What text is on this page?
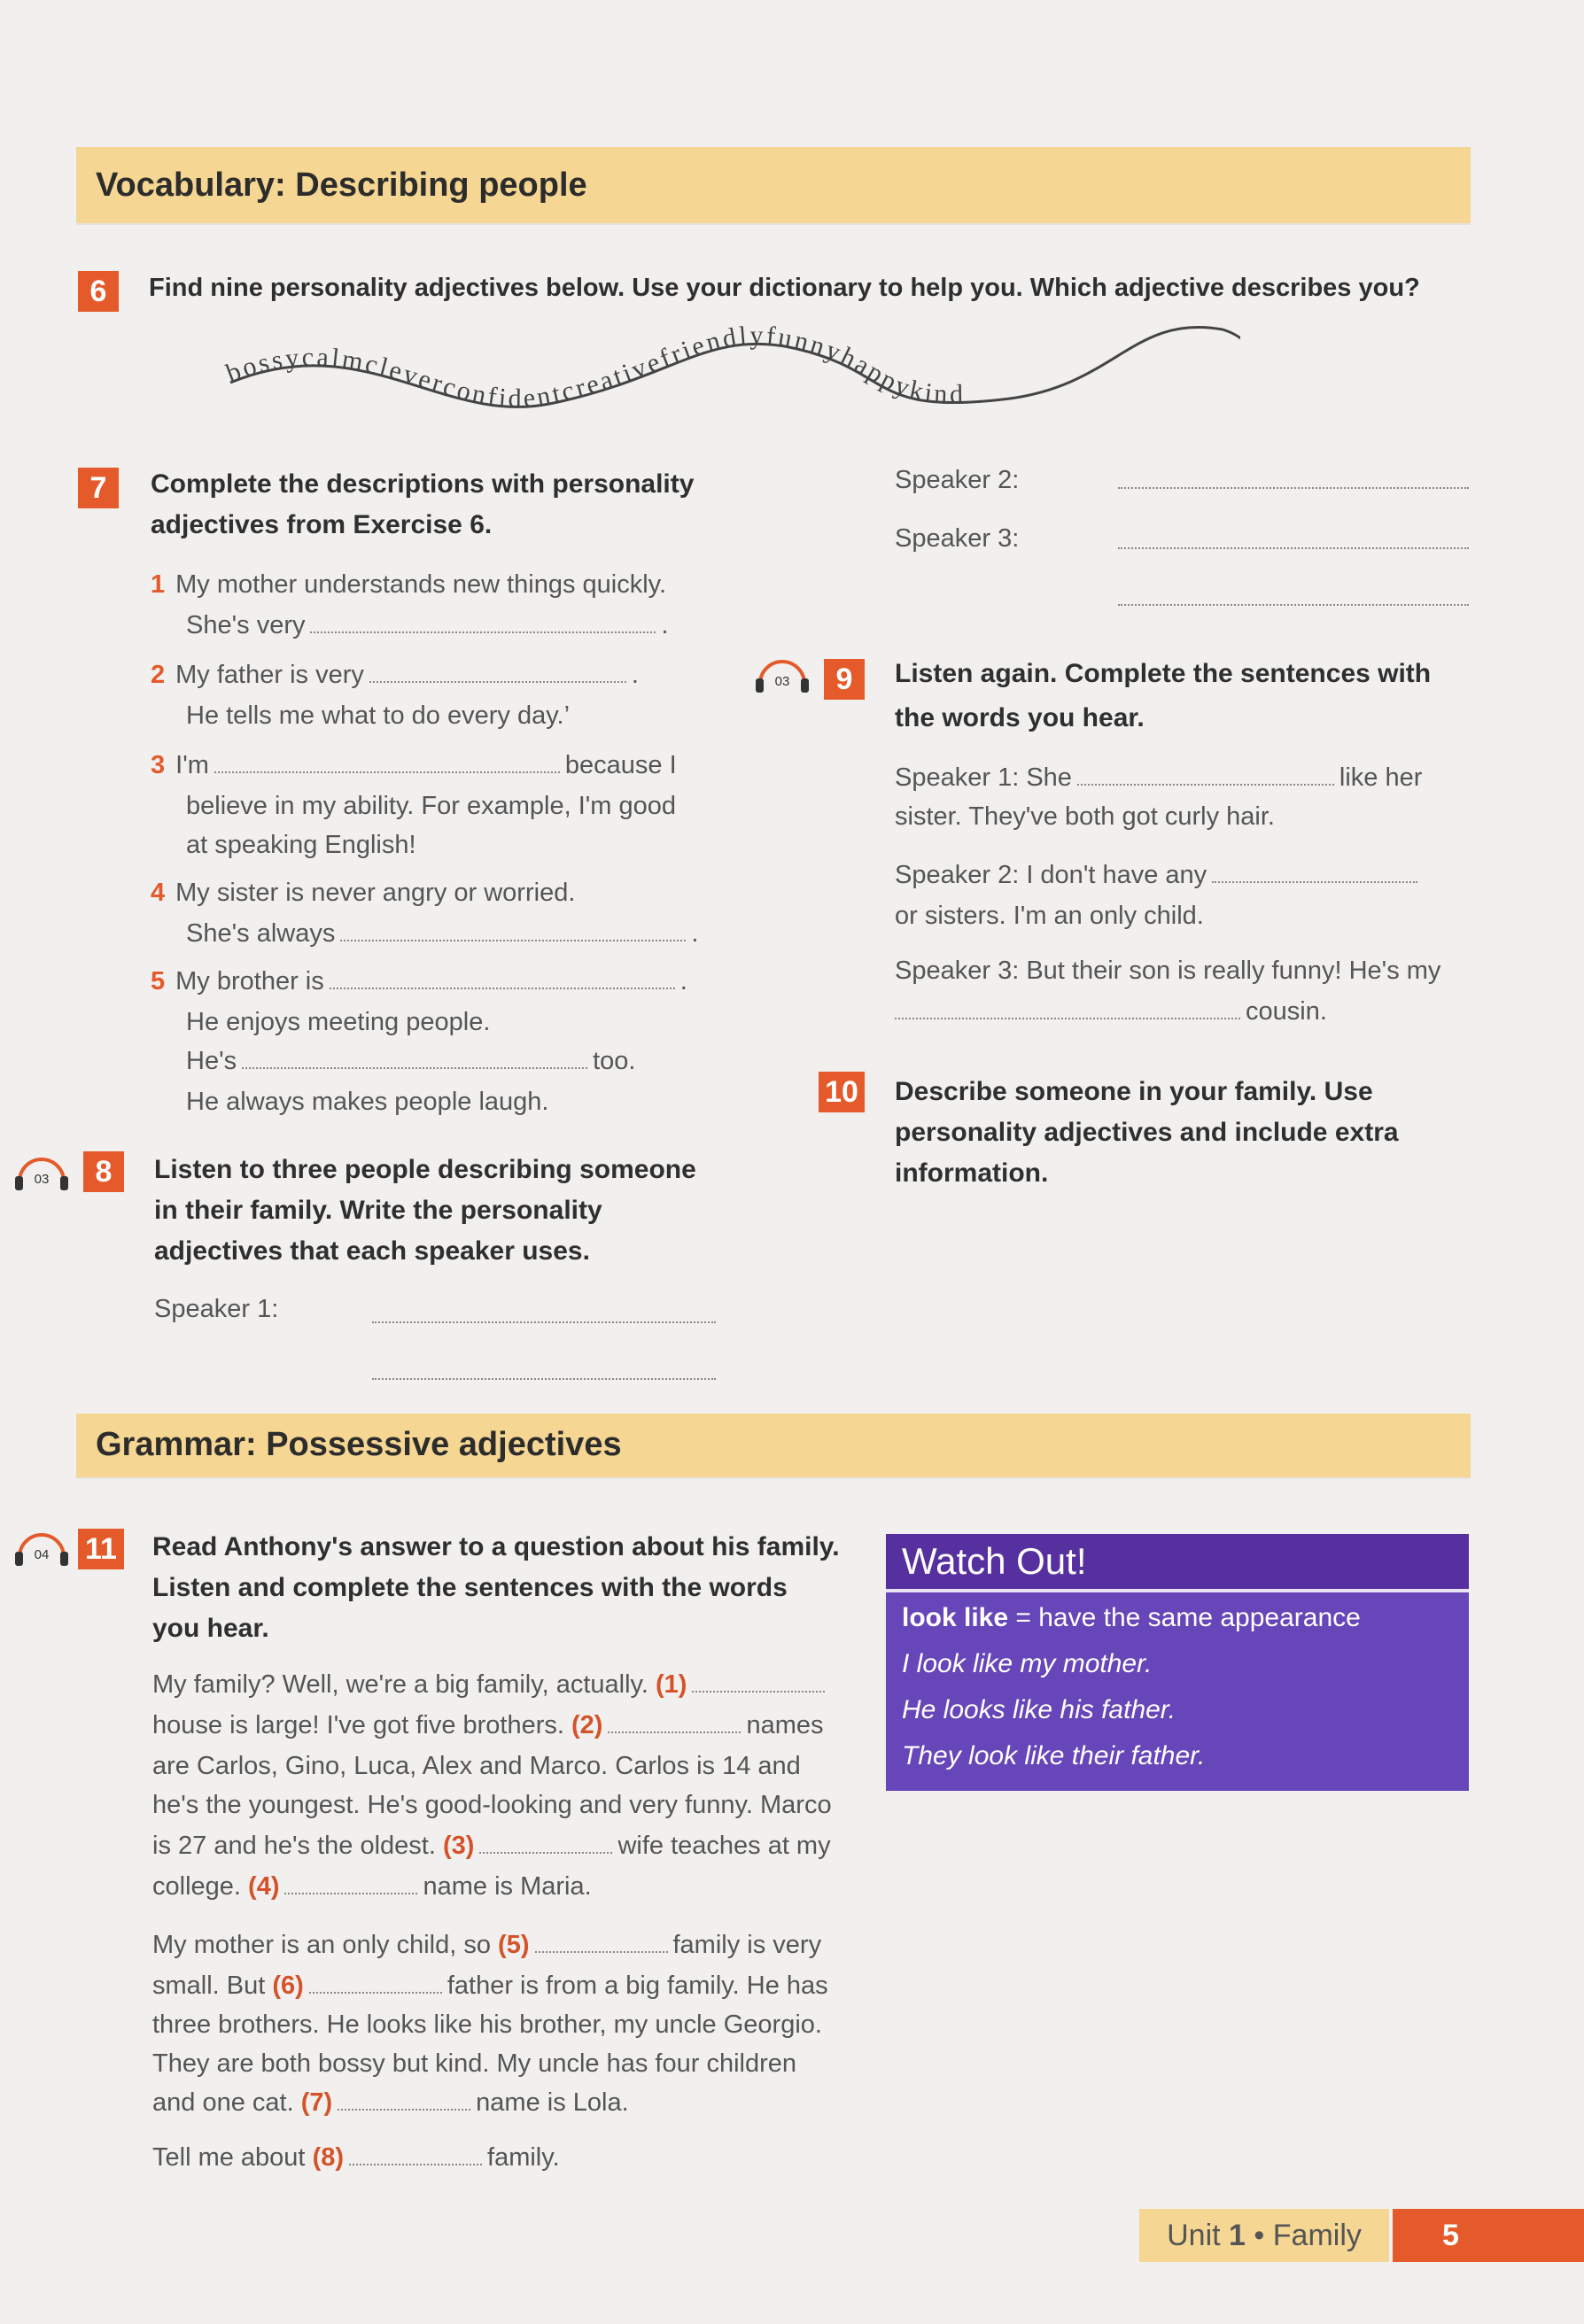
Vocabulary: Describing people
6	Find nine personality adjectives below. Use your dictionary to help you. Which adjective describes you?
bossycalmcleverconfidentcreativefriendlyfunnyhappykind
7	Complete the descriptions with personality
adjectives from Exercise 6.
1 My mother understands new things quickly.
She's very	.
2 My father is very	.
He tells me what to do every day.’
3 I'm	because I
believe in my ability. For example, I'm good
at speaking English!
4 My sister is never angry or worried.
She's always	.
5 My brother is	.
He enjoys meeting people.
He's	too.
He always makes people laugh.
03	8	Listen to three people describing someone
in their family. Write the personality
adjectives that each speaker uses.
Speaker 1:
Speaker 2:
Speaker 3:
03	9	Listen again. Complete the sentences with
the words you hear.
Speaker 1: She	like her
sister. They've both got curly hair.
Speaker 2: I don't have any
or sisters. I'm an only child.
Speaker 3: But their son is really funny! He's my
cousin.
10 Describe someone in your family. Use
personality adjectives and include extra
information.
Grammar: Possessive adjectives
04 11 Read Anthony's answer to a question about his family.
Listen and complete the sentences with the words
you hear.
My family? Well, we're a big family, actually. (1)
house is large! I've got five brothers. (2)	names
are Carlos, Gino, Luca, Alex and Marco. Carlos is 14 and
he's the youngest. He's good-looking and very funny. Marco
is 27 and he's the oldest. (3)	wife teaches at my
college. (4)	name is Maria.
My mother is an only child, so (5)	family is very
small. But (6)	father is from a big family. He has
three brothers. He looks like his brother, my uncle Georgio.
They are both bossy but kind. My uncle has four children
and one cat. (7)	name is Lola.
Tell me about (8)	family.
Watch Out!
look like = have the same appearance
I look like my mother.
He looks like his father.
They look like their father.
Unit 1 • Family	5
